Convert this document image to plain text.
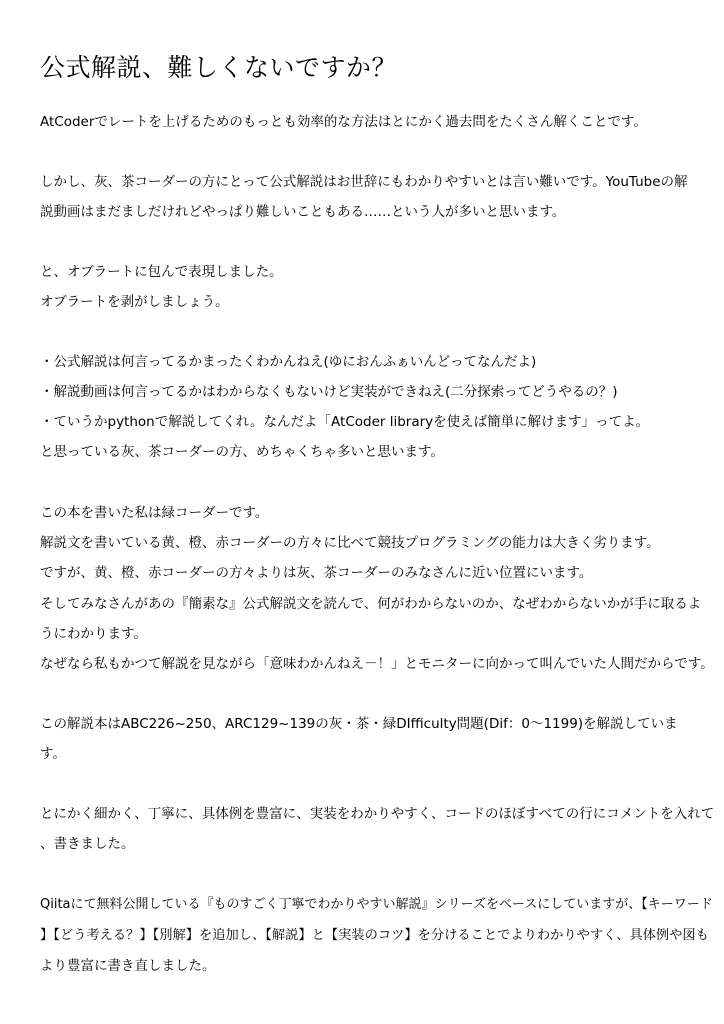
公式解説、難しくないですか？

AtCoderでレートを上げるためのもっとも効率的な方法はとにかく過去問をたくさん解くことです。

しかし、灰、茶コーダーの方にとって公式解説はお世辞にもわかりやすいとは言い難いです。YouTubeの解

説動画はまだましだけれどやっぱり難しいこともある……という人が多いと思います。

と、オブラートに包んで表現しました。

オブラートを剥がしましょう。

・公式解説は何言ってるかまったくわかんねえ(ゆにおんふぁいんどってなんだよ)

・解説動画は何言ってるかはわからなくもないけど実装ができねえ(二分探索ってどうやるの？)

・ていうかpythonで解説してくれ。なんだよ「AtCoder libraryを使えば簡単に解けます」ってよ。

と思っている灰、茶コーダーの方、めちゃくちゃ多いと思います。

この本を書いた私は緑コーダーです。

解説文を書いている黄、橙、赤コーダーの方々に比べて競技プログラミングの能力は大きく劣ります。

ですが、黄、橙、赤コーダーの方々よりは灰、茶コーダーのみなさんに近い位置にいます。

そしてみなさんがあの『簡素な』公式解説文を読んで、何がわからないのか、なぜわからないかが手に取るよ

うにわかります。

なぜなら私もかつて解説を見ながら「意味わかんねえ－！」とモニターに向かって叫んでいた人間だからです。

この解説本はABC226~250、ARC129~139の灰・茶・緑DIfficulty問題(Dif：0～1199)を解説していま

す。

とにかく細かく、丁寧に、具体例を豊富に、実装をわかりやすく、コードのほぼすべての行にコメントを入れて

、書きました。

Qiitaにて無料公開している『ものすごく丁寧でわかりやすい解説』シリーズをベースにしていますが、【キーワード

】【どう考える？】【別解】を追加し、【解説】と【実装のコツ】を分けることでよりわかりやすく、具体例や図も

より豊富に書き直しました。
